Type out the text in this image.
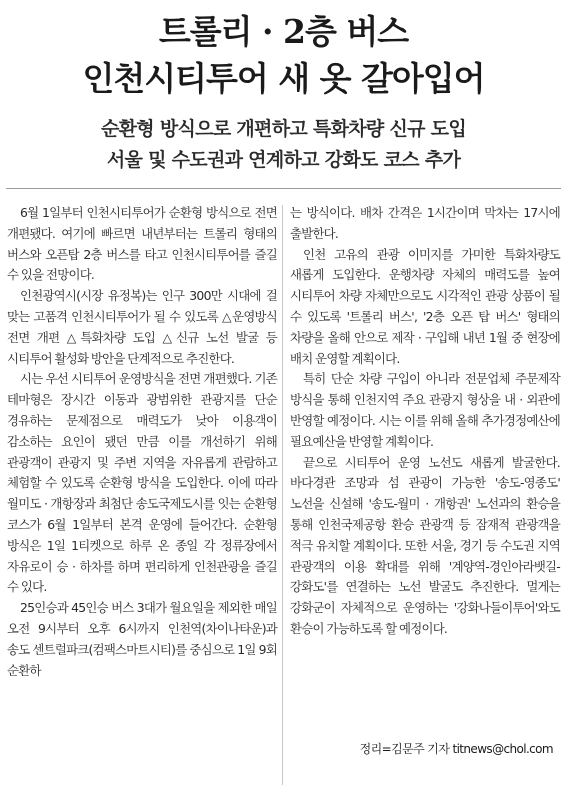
트롤리 · 2층 버스
인천시티투어 새 옷 갈아입어
순환형 방식으로 개편하고 특화차량 신규 도입
서울 및 수도권과 연계하고 강화도 코스 추가

6월 1일부터 인천시티투어가 순환형 방식으로 전면 개편됐다. 여기에 빠르면 내년부터는 트롤리 형태의 버스와 오픈탑 2층 버스를 타고 인천시티투어를 즐길 수 있을 전망이다.

인천광역시(시장 유정복)는 인구 300만 시대에 걸 맞는 고품격 인천시티투어가 될 수 있도록 △운영방식 전면 개편 △특화차량 도입 △신규 노선 발굴 등 시티투어 활성화 방안을 단계적으로 추진한다.

시는 우선 시티투어 운영방식을 전면 개편했다. 기존 테마형은 장시간 이동과 광범위한 관광지를 단순 경유하는 문제점으로 매력도가 낮아 이용객이 감소하는 요인이 됐던 만큼 이를 개선하기 위해 관광객이 관광지 및 주변 지역을 자유롭게 관람하고 체험할 수 있도록 순환형 방식을 도입한다. 이에 따라 월미도 · 개항장과 최첨단 송도국제도시를 잇는 순환형 코스가 6월 1일부터 본격 운영에 들어간다. 순환형 방식은 1일 1티켓으로 하루 온 종일 각 정류장에서 자유로이 승 · 하차를 하며 편리하게 인천관광을 즐길 수 있다.

25인승과 45인승 버스 3대가 월요일을 제외한 매일 오전 9시부터 오후 6시까지 인천역(차이나타운)과 송도 센트럴파크(컴팩스마트시티)를 중심으로 1일 9회 순환하

는 방식이다. 배차 간격은 1시간이며 막차는 17시에 출발한다.

인천 고유의 관광 이미지를 가미한 특화차량도 새롭게 도입한다. 운행차량 자체의 매력도를 높여 시티투어 차량 자체만으로도 시각적인 관광 상품이 될 수 있도록 '트롤리 버스', '2층 오픈 탑 버스' 형태의 차량을 올해 안으로 제작 · 구입해 내년 1월 중 현장에 배치 운영할 계획이다.

특히 단순 차량 구입이 아니라 전문업체 주문제작 방식을 통해 인천지역 주요 관광지 형상을 내 · 외관에 반영할 예정이다. 시는 이를 위해 올해 추가경정예산에 필요예산을 반영할 계획이다.

끝으로 시티투어 운영 노선도 새롭게 발굴한다. 바다경관 조망과 섬 관광이 가능한 '송도-영종도' 노선을 신설해 '송도-월미 · 개항권' 노선과의 환승을 통해 인천국제공항 환승 관광객 등 잠재적 관광객을 적극 유치할 계획이다. 또한 서울, 경기 등 수도권 지역 관광객의 이용 확대를 위해 '계양역-경인아라뱃길-강화도'를 연결하는 노선 발굴도 추진한다. 멀게는 강화군이 자체적으로 운영하는 '강화나들이투어'와도 환승이 가능하도록 할 예정이다.

정리=김문주 기자 titnews@chol.com
